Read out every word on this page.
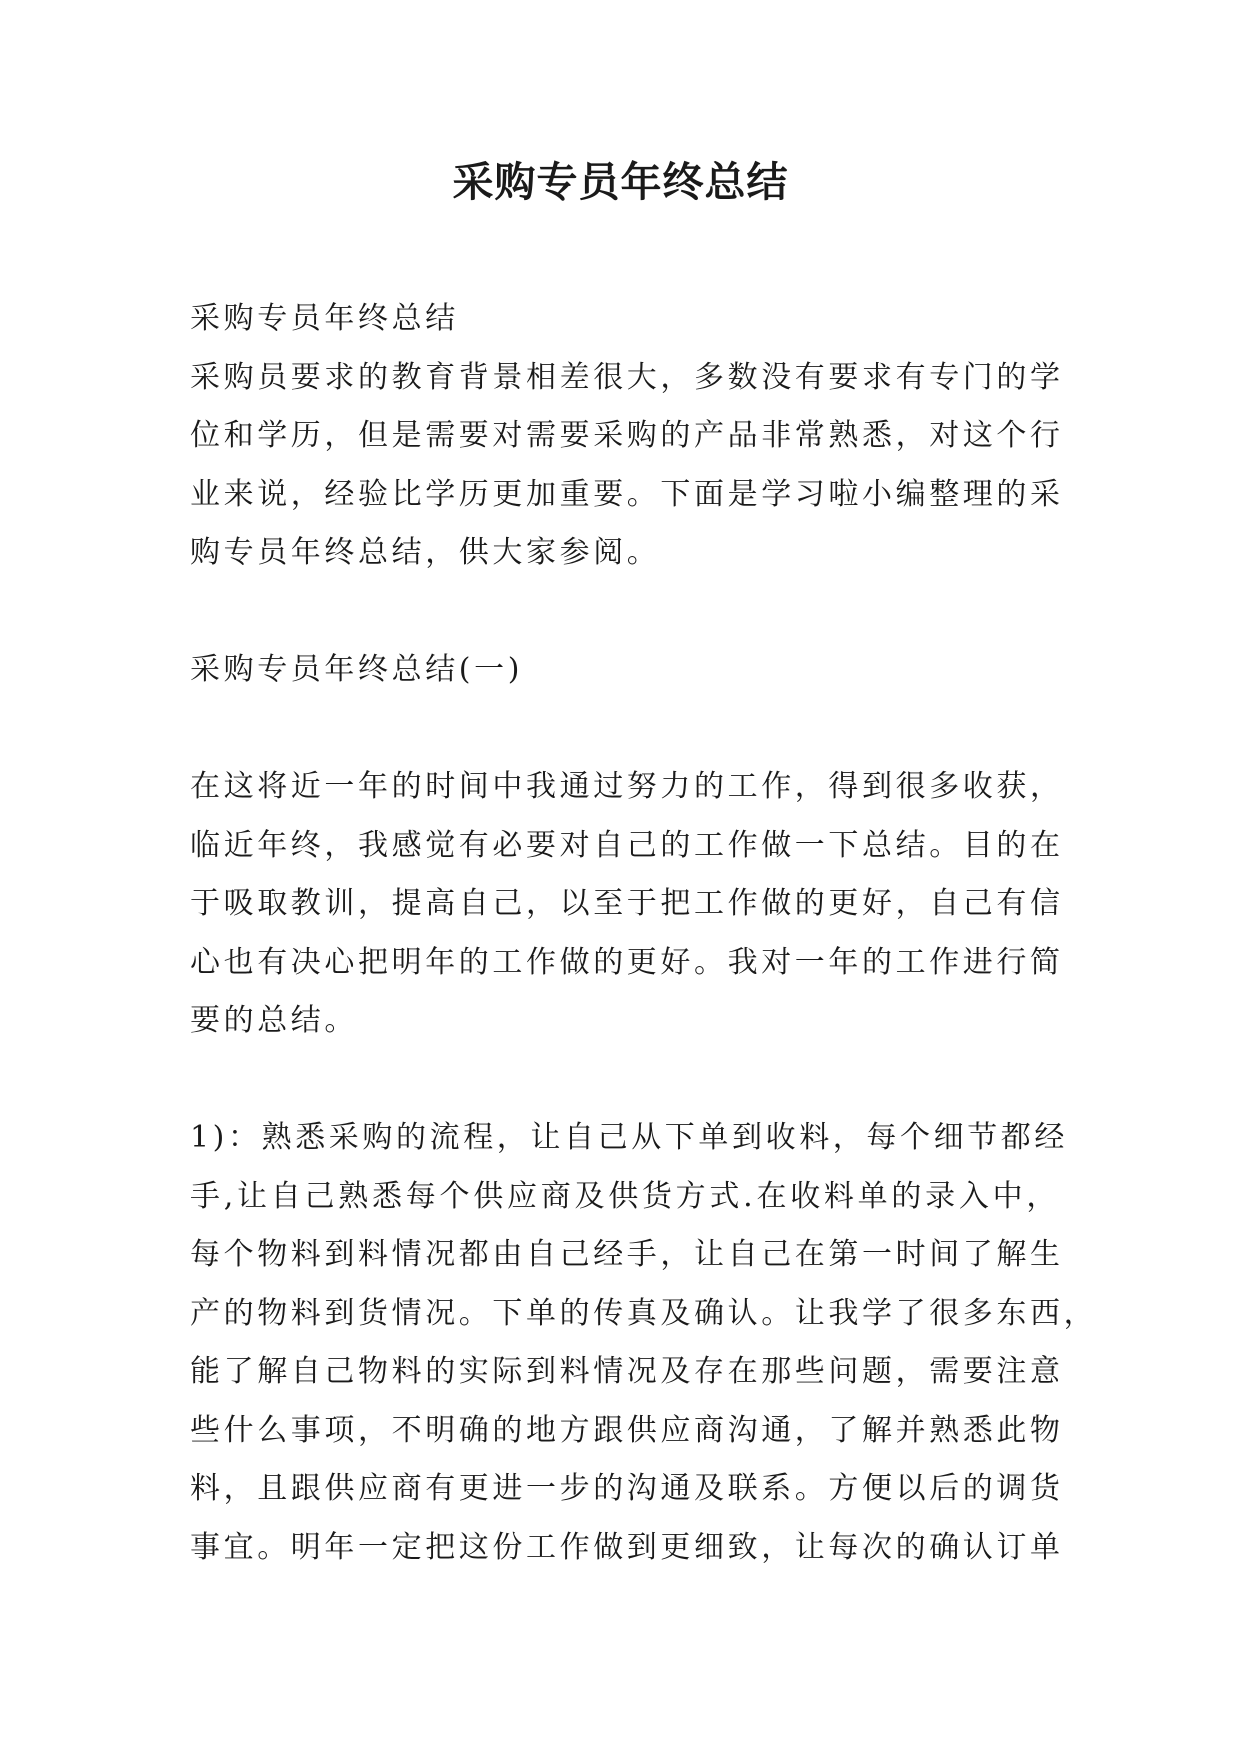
采购专员年终总结
采购专员年终总结
采购员要求的教育背景相差很大，多数没有要求有专门的学
位和学历，但是需要对需要采购的产品非常熟悉，对这个行
业来说，经验比学历更加重要。下面是学习啦小编整理的采
购专员年终总结，供大家参阅。
采购专员年终总结(一)
在这将近一年的时间中我通过努力的工作，得到很多收获，
临近年终，我感觉有必要对自己的工作做一下总结。目的在
于吸取教训，提高自己，以至于把工作做的更好，自己有信
心也有决心把明年的工作做的更好。我对一年的工作进行简
要的总结。
1)：熟悉采购的流程，让自己从下单到收料，每个细节都经
手,让自己熟悉每个供应商及供货方式.在收料单的录入中，
每个物料到料情况都由自己经手，让自己在第一时间了解生
产的物料到货情况。下单的传真及确认。让我学了很多东西，
能了解自己物料的实际到料情况及存在那些问题，需要注意
些什么事项，不明确的地方跟供应商沟通，了解并熟悉此物
料，且跟供应商有更进一步的沟通及联系。方便以后的调货
事宜。明年一定把这份工作做到更细致，让每次的确认订单
